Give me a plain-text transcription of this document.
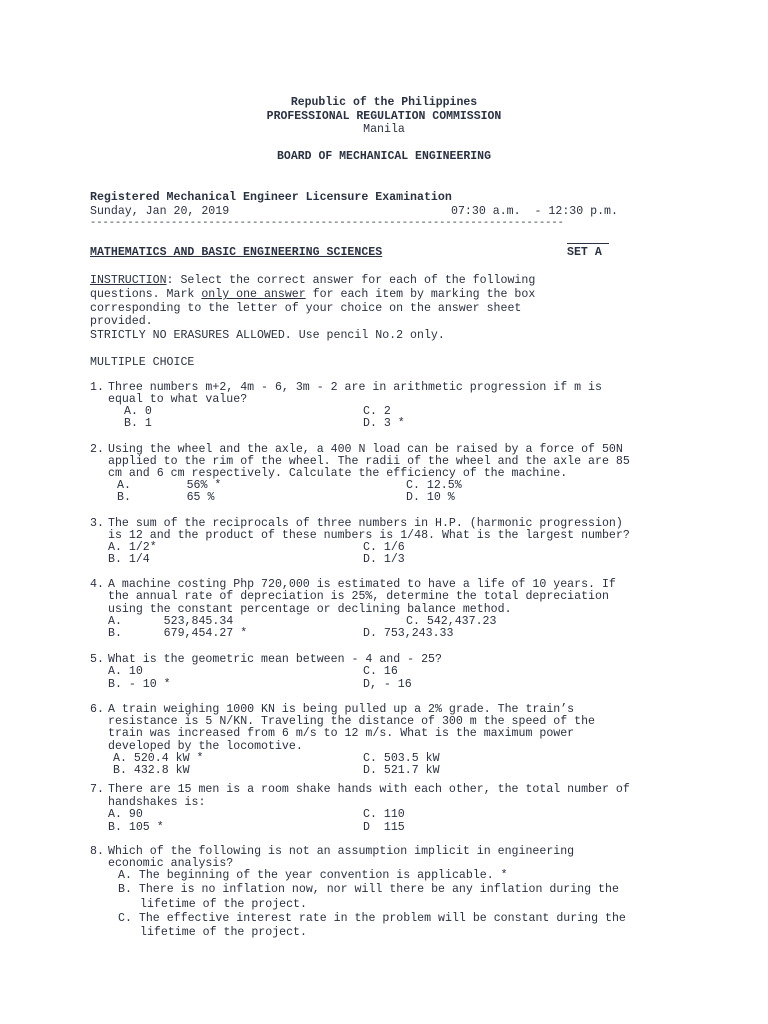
Republic of the Philippines
PROFESSIONAL REGULATION COMMISSION
Manila
BOARD OF MECHANICAL ENGINEERING
Registered Mechanical Engineer Licensure Examination
Sunday, Jan 20, 2019	07:30 a.m.  - 12:30 p.m.
----------------------------------------------------------------------------
MATHEMATICS AND BASIC ENGINEERING SCIENCES	SET A
INSTRUCTION: Select the correct answer for each of the following
questions. Mark only one answer for each item by marking the box
corresponding to the letter of your choice on the answer sheet
provided.
STRICTLY NO ERASURES ALLOWED. Use pencil No.2 only.
MULTIPLE CHOICE
1. Three numbers m+2, 4m - 6, 3m - 2 are in arithmetic progression if m is
equal to what value?
A. 0
B. 1
C. 2
D. 3 *
2. Using the wheel and the axle, a 400 N load can be raised by a force of 50N
applied to the rim of the wheel. The radii of the wheel and the axle are 85
cm and 6 cm respectively. Calculate the efficiency of the machine.
A.        56% *
B.        65 %
C. 12.5%
D. 10 %
3. The sum of the reciprocals of three numbers in H.P. (harmonic progression)
is 12 and the product of these numbers is 1/48. What is the largest number?
A. 1/2*
B. 1/4
C. 1/6
D. 1/3
4. A machine costing Php 720,000 is estimated to have a life of 10 years. If
the annual rate of depreciation is 25%, determine the total depreciation
using the constant percentage or declining balance method.
A.      523,845.34
B.      679,454.27 *
C. 542,437.23
D. 753,243.33
5. What is the geometric mean between - 4 and - 25?
A. 10
B. - 10 *
C. 16
D, - 16
6. A train weighing 1000 KN is being pulled up a 2% grade. The train’s
resistance is 5 N/KN. Traveling the distance of 300 m the speed of the
train was increased from 6 m/s to 12 m/s. What is the maximum power
developed by the locomotive.
A. 520.4 kW *
B. 432.8 kW
C. 503.5 kW
D. 521.7 kW
7. There are 15 men is a room shake hands with each other, the total number of
handshakes is:
A. 90
B. 105 *
C. 110
D  115
8. Which of the following is not an assumption implicit in engineering
economic analysis?
A. The beginning of the year convention is applicable. *
B. There is no inflation now, nor will there be any inflation during the
lifetime of the project.
C. The effective interest rate in the problem will be constant during the
lifetime of the project.
